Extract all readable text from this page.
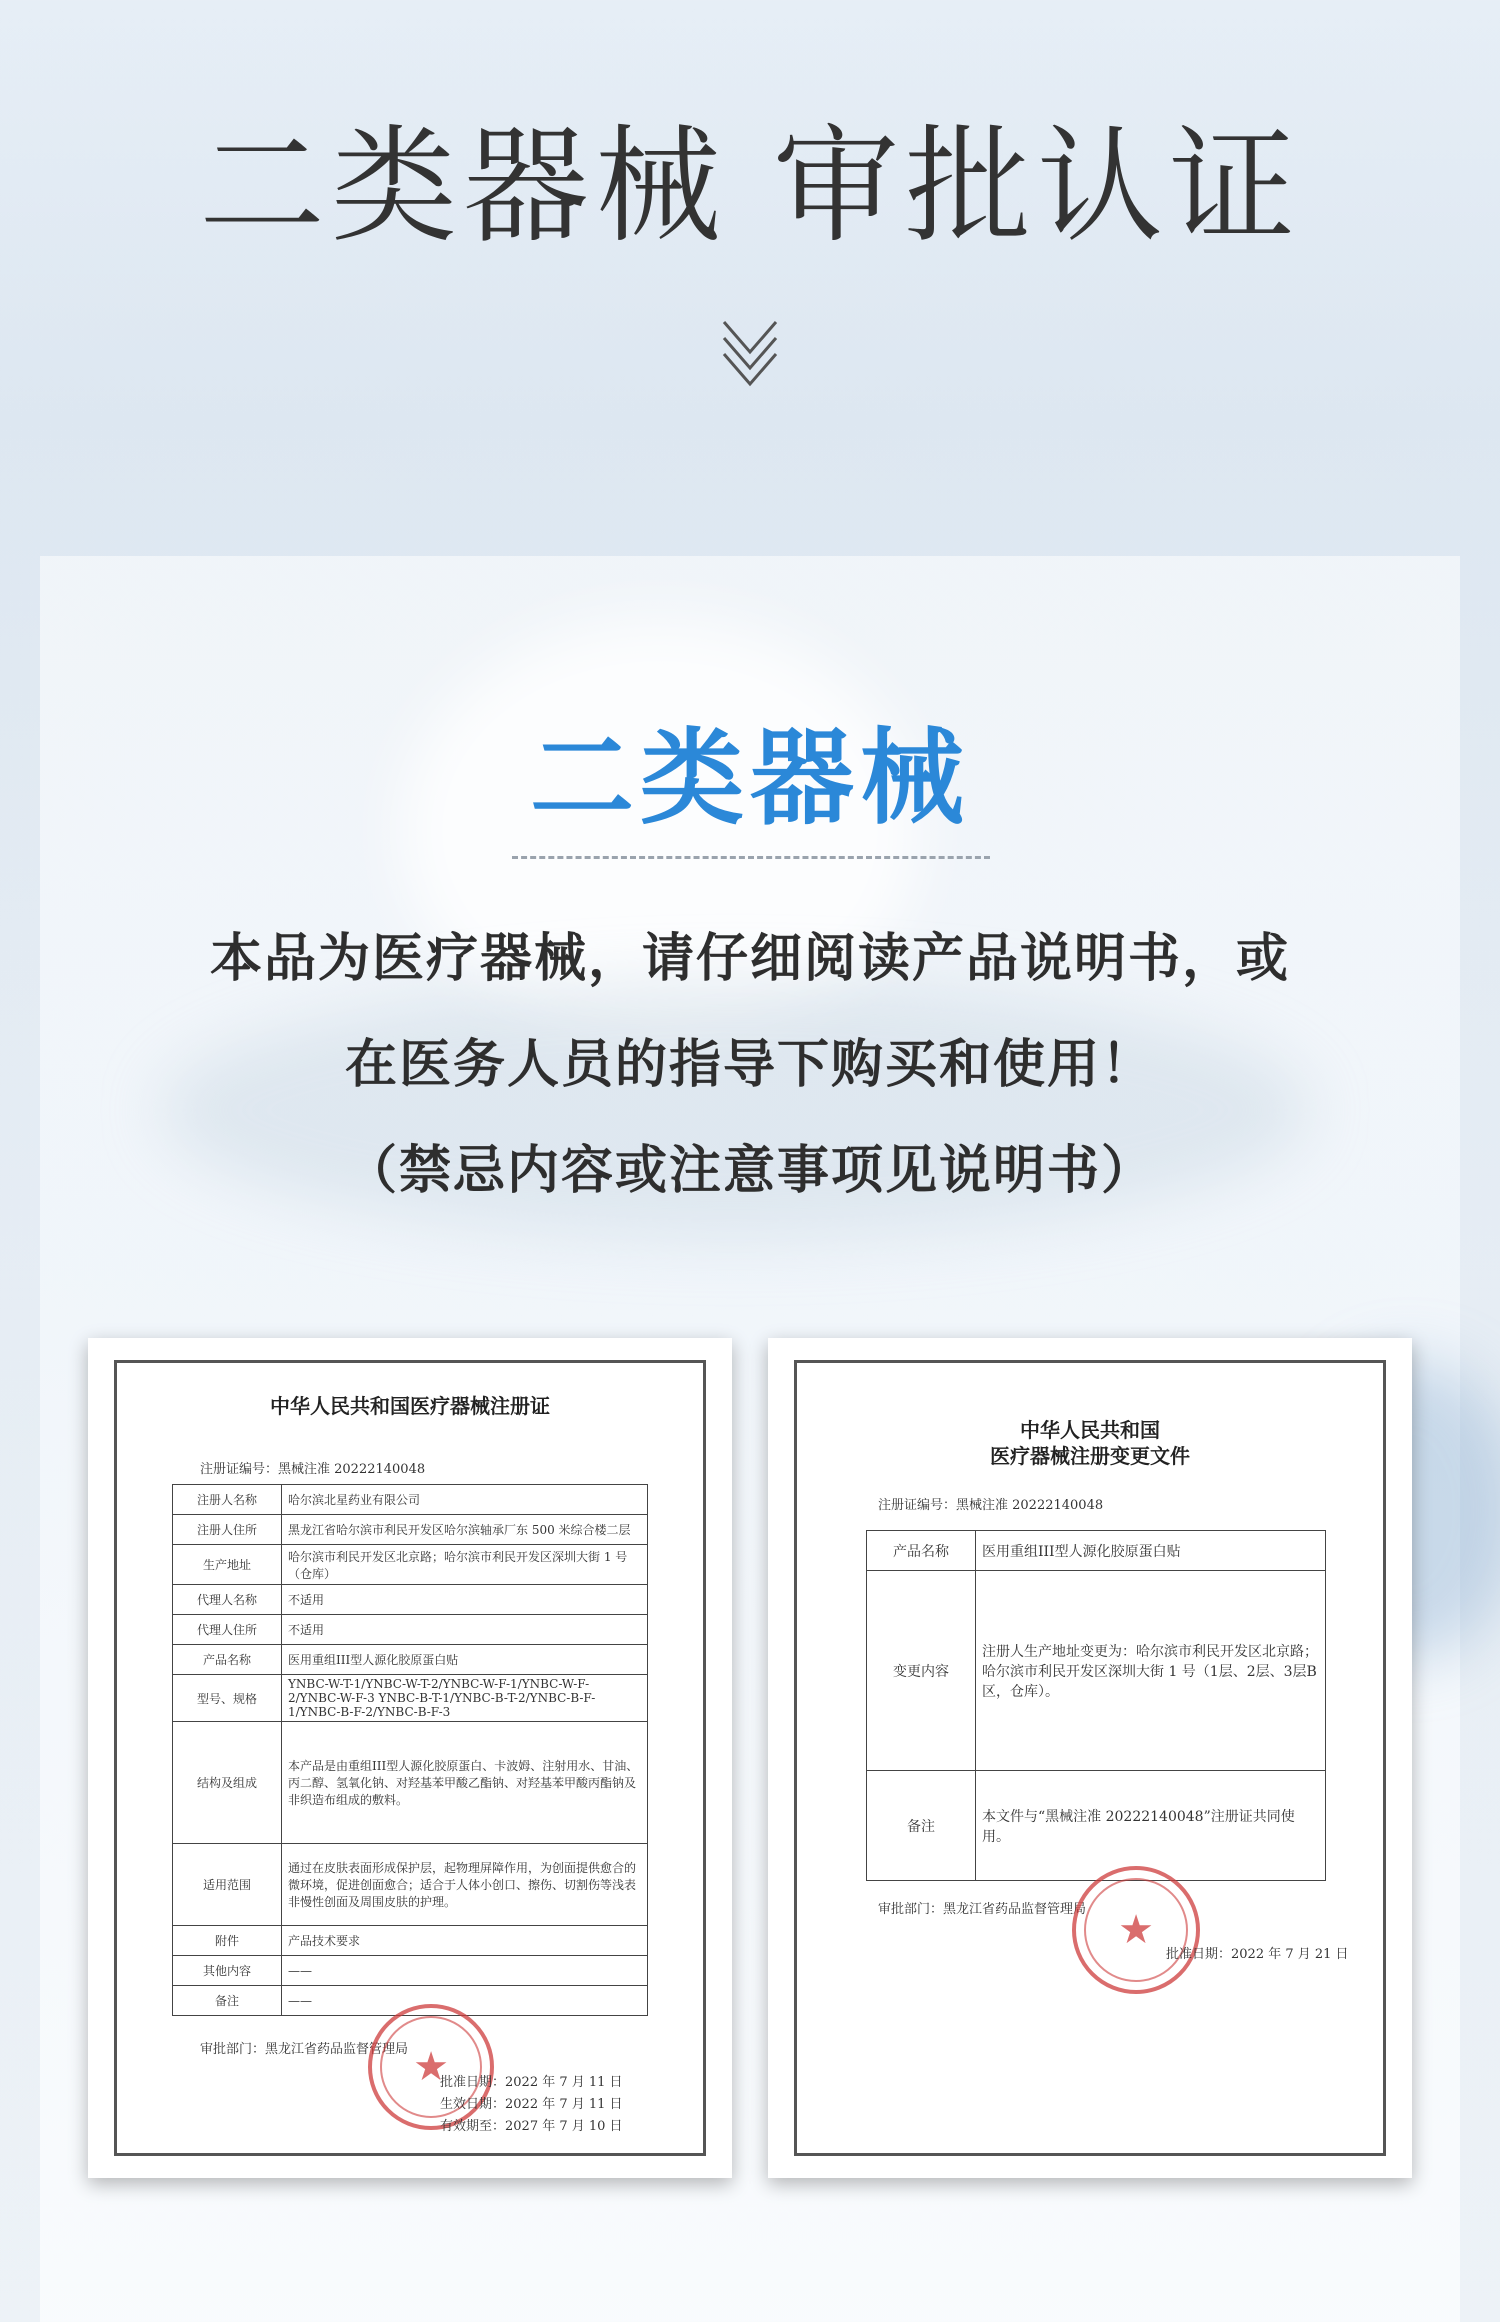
二类器械 审批认证
二类器械
本品为医疗器械，请仔细阅读产品说明书，或
在医务人员的指导下购买和使用！
（禁忌内容或注意事项见说明书）
中华人民共和国医疗器械注册证
注册证编号：黑械注准 20222140048
注册人名称	哈尔滨北星药业有限公司
注册人住所	黑龙江省哈尔滨市利民开发区哈尔滨轴承厂东 500 米综合楼二层
生产地址	哈尔滨市利民开发区北京路；哈尔滨市利民开发区深圳大街 1 号（仓库）
代理人名称	不适用
代理人住所	不适用
产品名称	医用重组III型人源化胶原蛋白贴
型号、规格	YNBC-W-T-1/YNBC-W-T-2/YNBC-W-F-1/YNBC-W-F-2/YNBC-W-F-3 YNBC-B-T-1/YNBC-B-T-2/YNBC-B-F-1/YNBC-B-F-2/YNBC-B-F-3
结构及组成	本产品是由重组III型人源化胶原蛋白、卡波姆、注射用水、甘油、丙二醇、氢氧化钠、对羟基苯甲酸乙酯钠、对羟基苯甲酸丙酯钠及非织造布组成的敷料。
适用范围	通过在皮肤表面形成保护层，起物理屏障作用，为创面提供愈合的微环境，促进创面愈合；适合于人体小创口、擦伤、切割伤等浅表非慢性创面及周围皮肤的护理。
附件	产品技术要求
其他内容	——
备注	——
审批部门：黑龙江省药品监督管理局 ★
批准日期：2022 年 7 月 11 日
生效日期：2022 年 7 月 11 日
有效期至：2027 年 7 月 10 日
中华人民共和国
医疗器械注册变更文件
注册证编号：黑械注准 20222140048
产品名称	医用重组III型人源化胶原蛋白贴
变更内容	注册人生产地址变更为：哈尔滨市利民开发区北京路；哈尔滨市利民开发区深圳大街 1 号（1层、2层、3层B区，仓库）。
备注	本文件与“黑械注准 20222140048”注册证共同使用。
审批部门：黑龙江省药品监督管理局 ★
批准日期：2022 年 7 月 21 日
